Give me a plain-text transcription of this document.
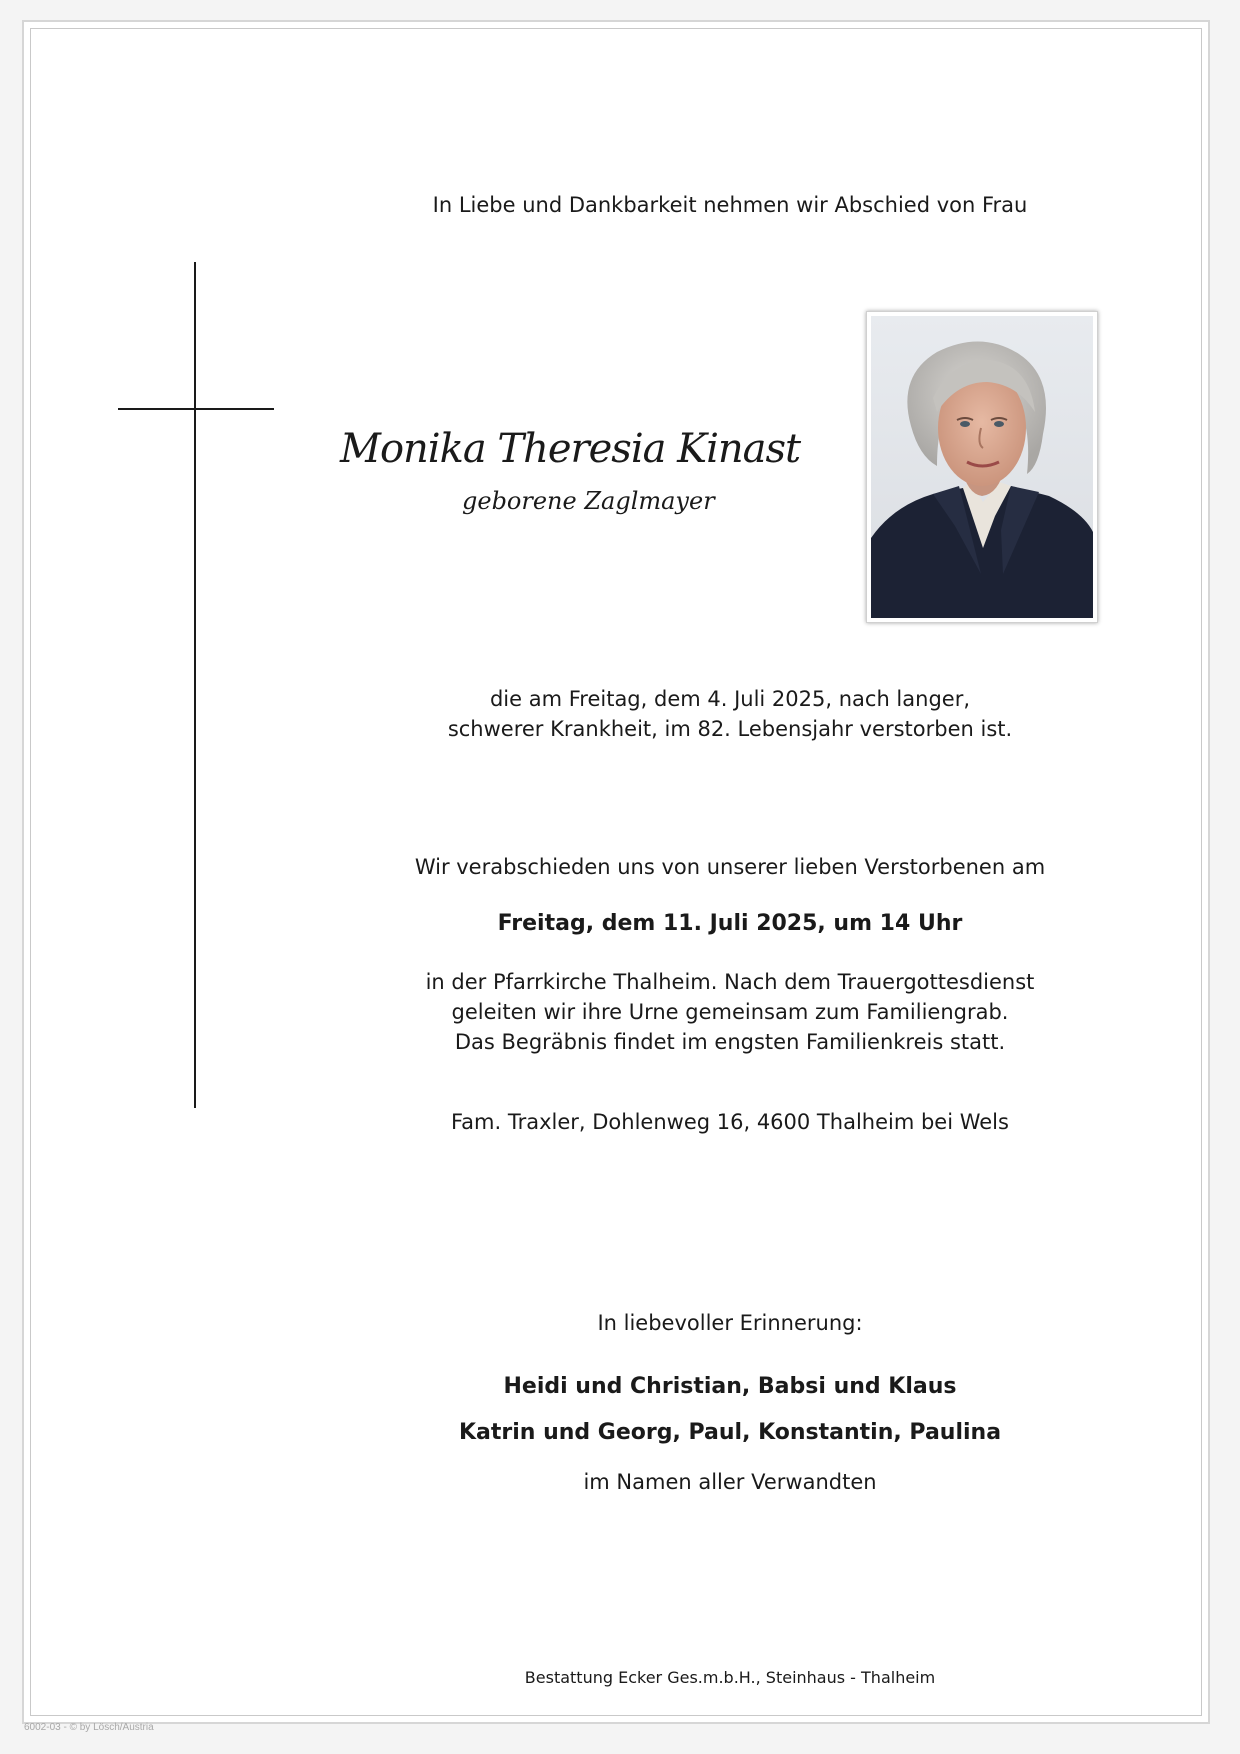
In Liebe und Dankbarkeit nehmen wir Abschied von Frau
Monika Theresia Kinast
geborene Zaglmayer
die am Freitag, dem 4. Juli 2025, nach langer,
schwerer Krankheit, im 82. Lebensjahr verstorben ist.
Wir verabschieden uns von unserer lieben Verstorbenen am
Freitag, dem 11. Juli 2025, um 14 Uhr
in der Pfarrkirche Thalheim. Nach dem Trauergottesdienst
geleiten wir ihre Urne gemeinsam zum Familiengrab.
Das Begräbnis findet im engsten Familienkreis statt.
Fam. Traxler, Dohlenweg 16, 4600 Thalheim bei Wels
In liebevoller Erinnerung:
Heidi und Christian, Babsi und Klaus
Katrin und Georg, Paul, Konstantin, Paulina
im Namen aller Verwandten
Bestattung Ecker Ges.m.b.H., Steinhaus - Thalheim
6002-03 - © by Lösch/Austria
